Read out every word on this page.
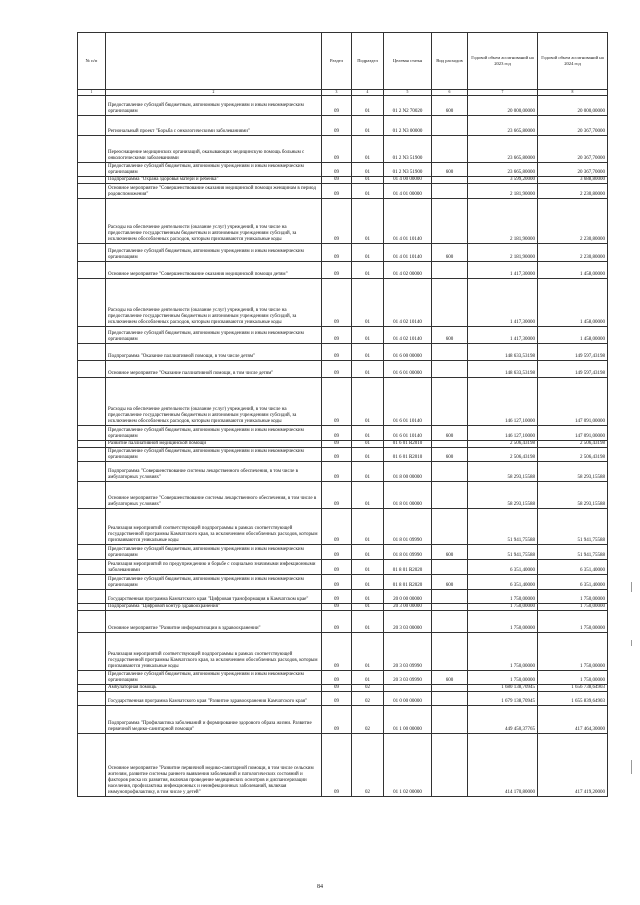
№ п/п		Раздел	Подраздел	Целевая статья	Вид расходов	Годовой объем ассигнований на 2023 год	Годовой объем ассигнований на 2024 год
1	2	3	4	5	6	7	8
	Предоставление субсидий бюджетным, автономным учреждениям и иным некоммерческим организациям	09	01	01 2 N2 70020	600	20 000,00000	20 000,00000
	Региональный проект "Борьба с онкологическими заболеваниями"	09	01	01 2 N3 00000		23 665,80000	20 367,70000
	Переоснащение медицинских организаций, оказывающих медицинскую помощь больным с онкологическими заболеваниями	09	01	01 2 N3 51900		23 665,80000	20 367,70000
	Предоставление субсидий бюджетным, автономным учреждениям и иным некоммерческим организациям	09	01	01 2 N3 51900	600	23 665,80000	20 367,70000
	Подпрограмма "Охрана здоровья матери и ребенка"	09	01	01 4 00 00000		3 599,20000	3 688,80000
	Основное мероприятие "Совершенствование оказания медицинской помощи женщинам в период родовспоможения"	09	01	01 4 01 00000		2 181,90000	2 230,80000
	Расходы на обеспечение деятельности (оказание услуг) учреждений, в том числе на предоставление государственным бюджетным и автономным учреждениям субсидий, за исключением обособленных расходов, которым присваиваются уникальные коды	09	01	01 4 01 10140		2 181,90000	2 230,80000
	Предоставление субсидий бюджетным, автономным учреждениям и иным некоммерческим организациям	09	01	01 4 01 10140	600	2 181,90000	2 230,80000
	Основное мероприятие "Совершенствование оказания медицинской помощи детям"	09	01	01 4 02 00000		1 417,30000	1 458,00000
	Расходы на обеспечение деятельности (оказание услуг) учреждений, в том числе на предоставление государственным бюджетным и автономным учреждениям субсидий, за исключением обособленных расходов, которым присваиваются уникальные коды	09	01	01 4 02 10140		1 417,30000	1 458,00000
	Предоставление субсидий бюджетным, автономным учреждениям и иным некоммерческим организациям	09	01	01 4 02 10140	600	1 417,30000	1 458,00000
	Подпрограмма "Оказание паллиативной помощи, в том числе детям"	09	01	01 6 00 00000		148 633,53198	149 597,43198
	Основное мероприятие "Оказание паллиативной помощи, в том числе детям"	09	01	01 6 01 00000		148 633,53198	149 597,43198
	Расходы на обеспечение деятельности (оказание услуг) учреждений, в том числе на предоставление государственным бюджетным и автономным учреждениям субсидий, за исключением обособленных расходов, которым присваиваются уникальные коды	09	01	01 6 01 10140		146 127,10000	147 091,00000
	Предоставление субсидий бюджетным, автономным учреждениям и иным некоммерческим организациям	09	01	01 6 01 10140	600	146 127,10000	147 091,00000
	Развитие паллиативной медицинской помощи	09	01	01 6 01 R2010		2 506,43198	2 506,43198
	Предоставление субсидий бюджетным, автономным учреждениям и иным некоммерческим организациям	09	01	01 6 01 R2010	600	2 506,43198	2 506,43198
	Подпрограмма "Совершенствование системы лекарственного обеспечения, в том числе в амбулаторных условиях"	09	01	01 8 00 00000		58 293,15588	58 293,15588
	Основное мероприятие "Совершенствование системы лекарственного обеспечения, в том числе в амбулаторных условиях"	09	01	01 8 01 00000		58 293,15588	58 293,15588
	Реализация мероприятий соответствующей подпрограммы в рамках соответствующей государственной программы Камчатского края, за исключением обособленных расходов, которым присваиваются уникальные коды	09	01	01 8 01 09990		51 941,75588	51 941,75588
	Предоставление субсидий бюджетным, автономным учреждениям и иным некоммерческим организациям	09	01	01 8 01 09990	600	51 941,75588	51 941,75588
	Реализация мероприятий по предупреждению и борьбе с социально значимыми инфекционными заболеваниями	09	01	01 8 01 R2020		6 351,40000	6 351,40000
	Предоставление субсидий бюджетным, автономным учреждениям и иным некоммерческим организациям	09	01	01 8 01 R2020	600	6 351,40000	6 351,40000
	Государственная программа Камчатского края "Цифровая трансформация в Камчатском крае"	09	01	20 0 00 00000		1 750,00000	1 750,00000
	Подпрограмма "Цифровой контур здравоохранения"	09	01	20 3 00 00000		1 750,00000	1 750,00000
	Основное мероприятие "Развитие информатизации в здравоохранении"	09	01	20 3 03 00000		1 750,00000	1 750,00000
	Реализация мероприятий соответствующей подпрограммы в рамках соответствующей государственной программы Камчатского края, за исключением обособленных расходов, которым присваиваются уникальные коды	09	01	20 3 03 09990		1 750,00000	1 750,00000
	Предоставление субсидий бюджетным, автономным учреждениям и иным некоммерческим организациям	09	01	20 3 03 09990	600	1 750,00000	1 750,00000
	Амбулаторная помощь	09	02			1 680 138,70945	1 656 738,64903
	Государственная программа Камчатского края "Развитие здравоохранения Камчатского края"	09	02	01 0 00 00000		1 679 138,70945	1 655 839,64903
	Подпрограмма "Профилактика заболеваний и формирование здорового образа жизни. Развитие первичной медико-санитарной помощи"	09	02	01 1 00 00000		449 450,37765	417 464,30000
	Основное мероприятие "Развитие первичной медико-санитарной помощи, в том числе сельским жителям, развитие системы раннего выявления заболеваний и патологических состояний и факторов риска их развития, включая проведение медицинских осмотров и диспансеризации населения, профилактика инфекционных и неинфекционных заболеваний, включая иммунопрофилактику, в том числе у детей"	09	02	01 1 02 00000		414 170,80000	417 419,20000
84
